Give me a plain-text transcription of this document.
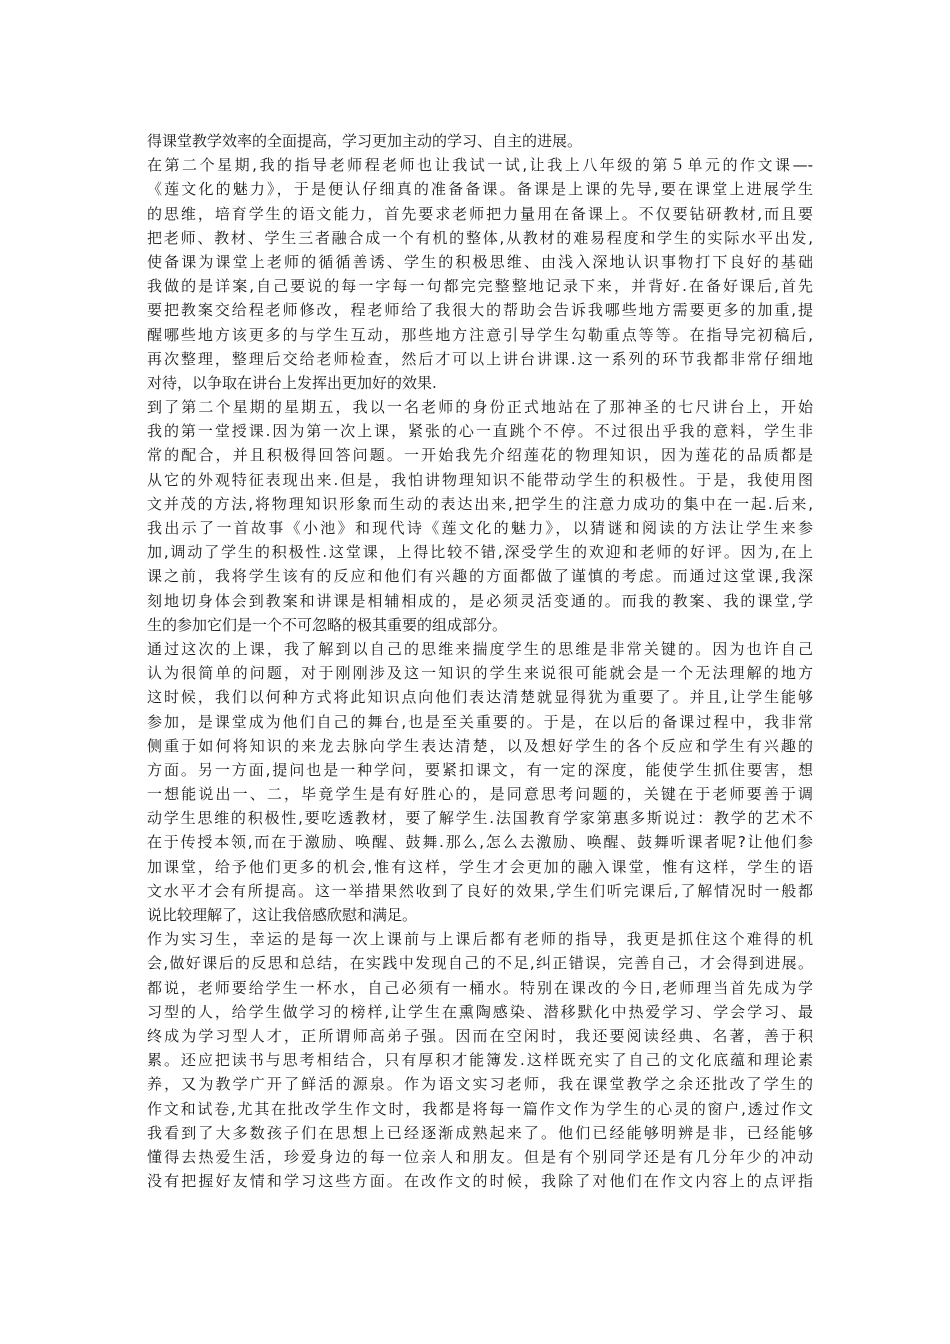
得课堂教学效率的全面提高，学习更加主动的学习、自主的进展。
在第二个星期,我的指导老师程老师也让我试一试,让我上八年级的第５单元的作文课—-
《莲文化的魅力》，于是便认仔细真的准备备课。备课是上课的先导,要在课堂上进展学生
的思维，培育学生的语文能力，首先要求老师把力量用在备课上。不仅要钻研教材,而且要
把老师、教材、学生三者融合成一个有机的整体,从教材的难易程度和学生的实际水平出发,
使备课为课堂上老师的循循善诱、学生的积极思维、由浅入深地认识事物打下良好的基础
我做的是详案,自己要说的每一字每一句都完完整整地记录下来，并背好.在备好课后,首先
要把教案交给程老师修改，程老师给了我很大的帮助会告诉我哪些地方需要更多的加重,提
醒哪些地方该更多的与学生互动，那些地方注意引导学生勾勒重点等等。在指导完初稿后,
再次整理，整理后交给老师检查，然后才可以上讲台讲课.这一系列的环节我都非常仔细地
对待，以争取在讲台上发挥出更加好的效果.
到了第二个星期的星期五，我以一名老师的身份正式地站在了那神圣的七尺讲台上，开始
我的第一堂授课.因为第一次上课，紧张的心一直跳个不停。不过很出乎我的意料，学生非
常的配合，并且积极得回答问题。一开始我先介绍莲花的物理知识，因为莲花的品质都是
从它的外观特征表现出来.但是，我怕讲物理知识不能带动学生的积极性。于是，我使用图
文并茂的方法,将物理知识形象而生动的表达出来,把学生的注意力成功的集中在一起.后来,
我出示了一首故事《小池》和现代诗《莲文化的魅力》，以猜谜和阅读的方法让学生来参
加,调动了学生的积极性.这堂课，上得比较不错,深受学生的欢迎和老师的好评。因为,在上
课之前，我将学生该有的反应和他们有兴趣的方面都做了谨慎的考虑。而通过这堂课,我深
刻地切身体会到教案和讲课是相辅相成的，是必须灵活变通的。而我的教案、我的课堂,学
生的参加它们是一个不可忽略的极其重要的组成部分。
通过这次的上课，我了解到以自己的思维来揣度学生的思维是非常关键的。因为也许自己
认为很简单的问题，对于刚刚涉及这一知识的学生来说很可能就会是一个无法理解的地方
这时候，我们以何种方式将此知识点向他们表达清楚就显得犹为重要了。并且,让学生能够
参加，是课堂成为他们自己的舞台,也是至关重要的。于是，在以后的备课过程中，我非常
侧重于如何将知识的来龙去脉向学生表达清楚，以及想好学生的各个反应和学生有兴趣的
方面。另一方面,提问也是一种学问，要紧扣课文，有一定的深度，能使学生抓住要害，想
一想能说出一、二，毕竟学生是有好胜心的，是同意思考问题的，关键在于老师要善于调
动学生思维的积极性,要吃透教材，要了解学生.法国教育学家第惠多斯说过：教学的艺术不
在于传授本领,而在于激励、唤醒、鼓舞.那么,怎么去激励、唤醒、鼓舞听课者呢?让他们参
加课堂，给予他们更多的机会,惟有这样，学生才会更加的融入课堂，惟有这样，学生的语
文水平才会有所提高。这一举措果然收到了良好的效果,学生们听完课后,了解情况时一般都
说比较理解了，这让我倍感欣慰和满足。
作为实习生，幸运的是每一次上课前与上课后都有老师的指导，我更是抓住这个难得的机
会,做好课后的反思和总结，在实践中发现自己的不足,纠正错误，完善自己，才会得到进展。
都说，老师要给学生一杯水，自己必须有一桶水。特别在课改的今日,老师理当首先成为学
习型的人，给学生做学习的榜样,让学生在熏陶感染、潜移默化中热爱学习、学会学习、最
终成为学习型人才，正所谓师高弟子强。因而在空闲时，我还要阅读经典、名著，善于积
累。还应把读书与思考相结合，只有厚积才能簿发.这样既充实了自己的文化底蕴和理论素
养，又为教学广开了鲜活的源泉。作为语文实习老师，我在课堂教学之余还批改了学生的
作文和试卷,尤其在批改学生作文时，我都是将每一篇作文作为学生的心灵的窗户,透过作文
我看到了大多数孩子们在思想上已经逐渐成熟起来了。他们已经能够明辨是非，已经能够
懂得去热爱生活，珍爱身边的每一位亲人和朋友。但是有个别同学还是有几分年少的冲动
没有把握好友情和学习这些方面。在改作文的时候，我除了对他们在作文内容上的点评指
